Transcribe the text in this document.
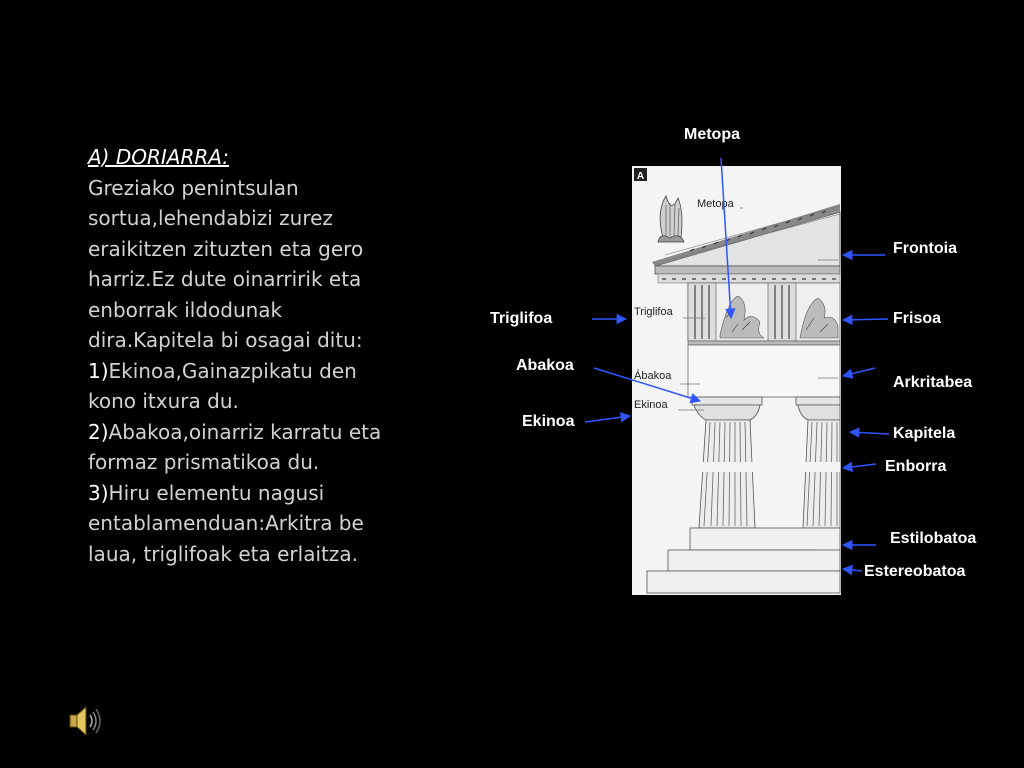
A) DORIARRA:
Greziako penintsulan sortua,lehendabizi zurez eraikitzen zituzten eta gero harriz.Ez dute oinarririk eta enborrak ildodunak dira.Kapitela bi osagai ditu:
1)Ekinoa,Gainazpikatu den kono itxura du.
2)Abakoa,oinarriz karratu eta formaz prismatikoa du.
3)Hiru elementu nagusi entablamenduan:Arkitra be laua, triglifoak eta erlaitza.
A
Metopa
Triglifoa
Ábakoa
Ekinoa
Metopa
Frontoia
Triglifoa	Frisoa
Abakoa
Arkritabea
Ekinoa
Kapitela
Enborra
Estilobatoa
Estereobatoa
